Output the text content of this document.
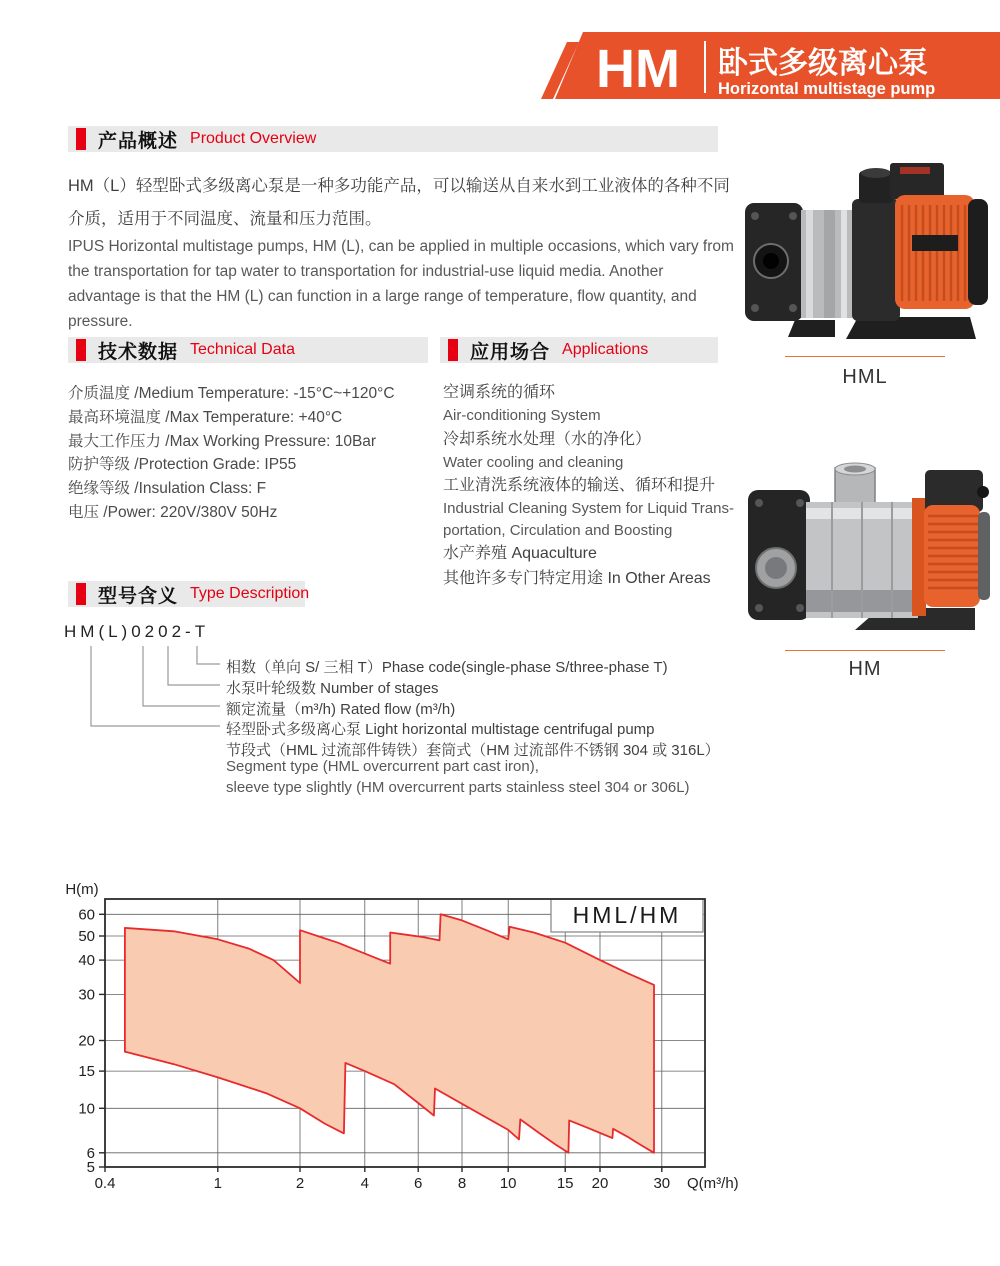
HM 卧式多级离心泵
Horizontal multistage pump
产品概述 Product Overview
HM（L）轻型卧式多级离心泵是一种多功能产品，可以输送从自来水到工业液体的各种不同介质，适用于不同温度、流量和压力范围。
IPUS Horizontal multistage pumps, HM (L), can be applied in multiple occasions, which vary from the transportation for tap water to transportation for industrial-use liquid media. Another advantage is that the HM (L) can function in a large range of temperature, flow quantity, and pressure.
技术数据 Technical Data
介质温度 /Medium Temperature: -15°C~+120°C
最高环境温度 /Max Temperature: +40°C
最大工作压力 /Max Working Pressure: 10Bar
防护等级 /Protection Grade: IP55
绝缘等级 /Insulation Class: F
电压 /Power: 220V/380V 50Hz
应用场合 Applications
空调系统的循环
Air-conditioning System
冷却系统水处理（水的净化）
Water cooling and cleaning
工业清洗系统液体的输送、循环和提升
Industrial Cleaning System for Liquid Trans-
portation, Circulation and Boosting
水产养殖 Aquaculture
其他许多专门特定用途 In Other Areas
型号含义 Type Description
HM(L)0202-T
相数（单向 S/ 三相 T）Phase code(single-phase S/three-phase T)
水泵叶轮级数 Number of stages
额定流量（m³/h) Rated flow (m³/h)
轻型卧式多级离心泵 Light horizontal multistage centrifugal pump
节段式（HML 过流部件铸铁）套筒式（HM 过流部件不锈钢 304 或 316L）
Segment type (HML overcurrent part cast iron),
sleeve type slightly (HM overcurrent parts stainless steel 304 or 306L)
HML
HM
HML/HM
0.4	1	2	4	6 8 10	15 20	30
5
6
10
15
20
30
40
50
60
H(m)
Q(m³/h)
